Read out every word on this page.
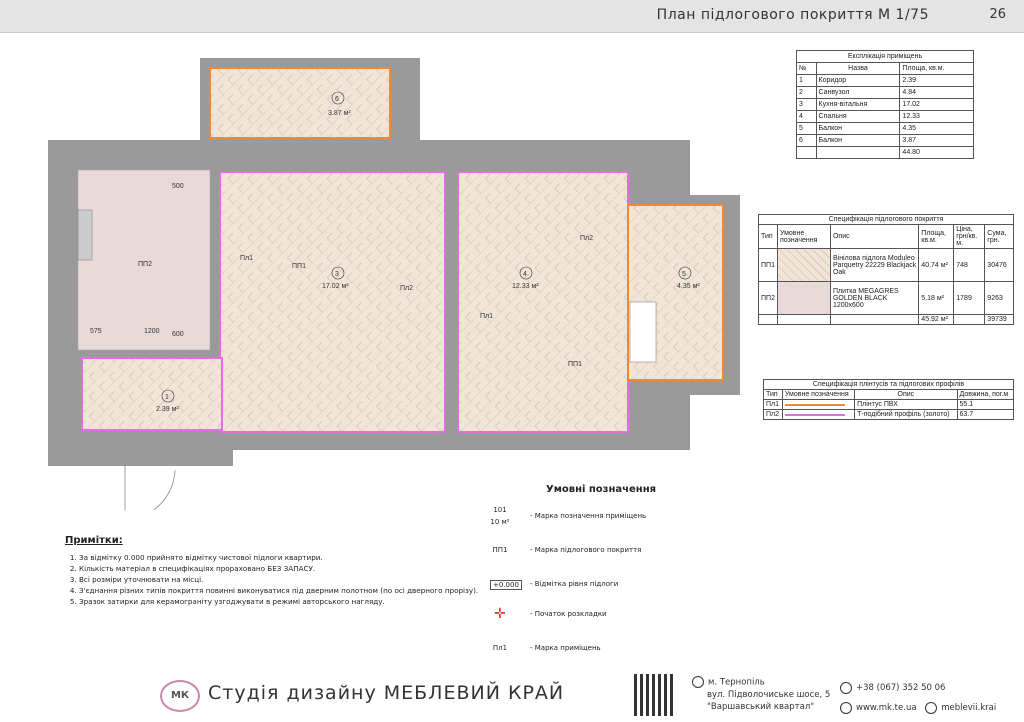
План підлогового покриття М 1/75	26
6
3.87 м²
3
17.02 м²
4
12.33 м²
5
4.35 м²
1
2.39 м²
ПП2	ПП1
Пл1
Пл2
Пл2
Пл1
ПП1
575	1200
500
600
Експлікація приміщень		
№	Назва	Площа, кв.м.
1	Коридор	2.39
2	Санвузол	4.84
3	Кухня-вітальня	17.02
4	Спальня	12.33
5	Балкон	4.35
6	Балкон	3.87
		44.80
Специфікація підлогового покриття					
Тип	Умовне позначення	Опис	Площа, кв.м.	Ціна, грн/кв. м.	Сума, грн.
ПП1		Вінілова підлога Moduleo Parquetry 22229 Blackjack Oak	40.74 м²	748	30476
ПП2		Плитка MEGAGRES GOLDEN BLACK 1200x600	5.18 м²	1789	9263
			45.92 м²		39739
Специфікація плінтусів та підлогових профілів			
Тип	Умовне позначення	Опис	Довжина, пог.м
Пл1		Плінтус ПВХ	55.1
Пл2		Т-подібний профіль (золото)	63.7
Умовні позначення
101
10 м²
- Марка позначення приміщень
ПП1	- Марка підлогового покриття
+0.000	- Відмітка рівня підлоги
✛	- Початок розкладки
Пл1	- Марка приміщень
Примітки:
1. За відмітку 0.000 прийнято відмітку чистової підлоги квартири.
2. Кількість матеріал в специфікаціях прораховано БЕЗ ЗАПАСУ.
3. Всі розміри уточнювати на місці.
4. З'єднання різних типів покриття повинні виконуватися під дверним полотном (по осі дверного прорізу).
5. Зразок затирки для керамограніту узгоджувати в режимі авторського нагляду.
МК Студія дизайну МЕБЛЕВИЙ КРАЙ	м. Тернопіль
вул. Підволочиське шосе, 5
"Варшавський квартал"
+38 (067) 352 50 06
www.mk.te.ua	meblevii.krai
